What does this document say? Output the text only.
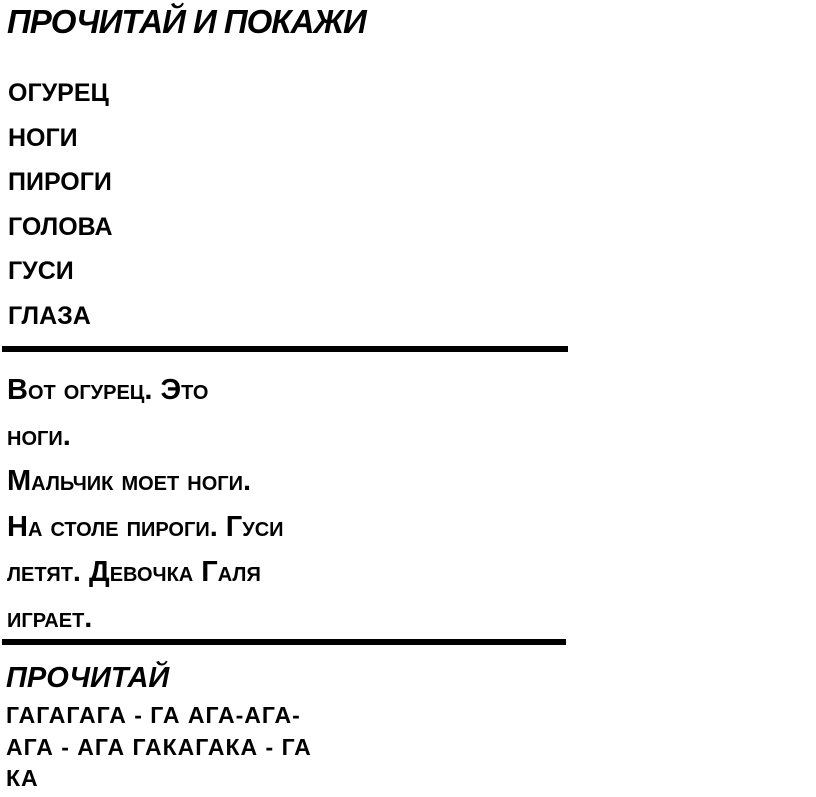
ПРОЧИТАЙ И ПОКАЖИ
ОГУРЕЦ
НОГИ
ПИРОГИ
ГОЛОВА
ГУСИ
ГЛАЗА
Вот огурец. Это
ноги.
Мальчик моет ноги.
На столе пироги. Гуси
летят. Девочка Галя
играет.
ПРОЧИТАЙ
ГАГАГАГА - ГА АГА-АГА-
АГА - АГА ГАКАГАКА - ГА
КА
